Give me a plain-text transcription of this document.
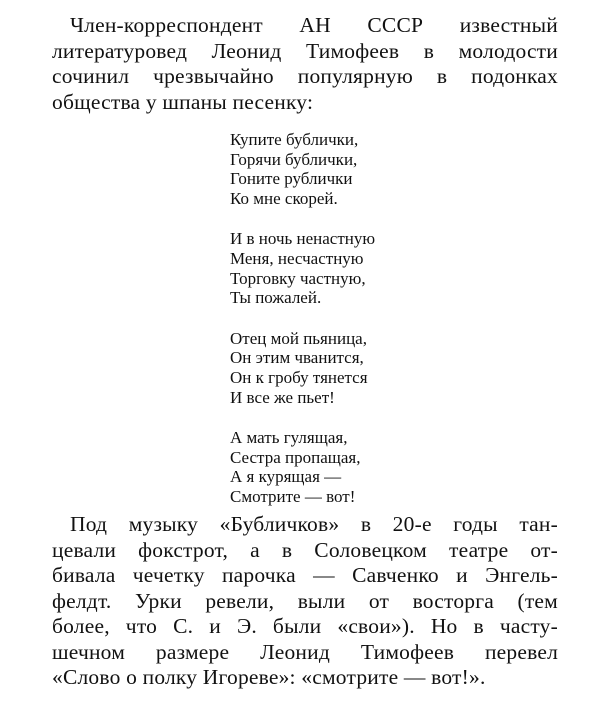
Член-корреспондент АН СССР известный
литературовед Леонид Тимофеев в молодости
сочинил чрезвычайно популярную в подонках
общества у шпаны песенку:
Купите бублички,
Горячи бублички,
Гоните рублички
Ко мне скорей.
И в ночь ненастную
Меня, несчастную
Торговку частную,
Ты пожалей.
Отец мой пьяница,
Он этим чванится,
Он к гробу тянется
И все же пьет!
А мать гулящая,
Сестра пропащая,
А я курящая —
Смотрите — вот!
Под музыку «Бубличков» в 20-е годы тан-
цевали фокстрот, а в Соловецком театре от-
бивала чечетку парочка — Савченко и Энгель-
фелдт. Урки ревели, выли от восторга (тем
более, что С. и Э. были «свои»). Но в часту-
шечном размере Леонид Тимофеев перевел
«Слово о полку Игореве»: «смотрите — вот!».
